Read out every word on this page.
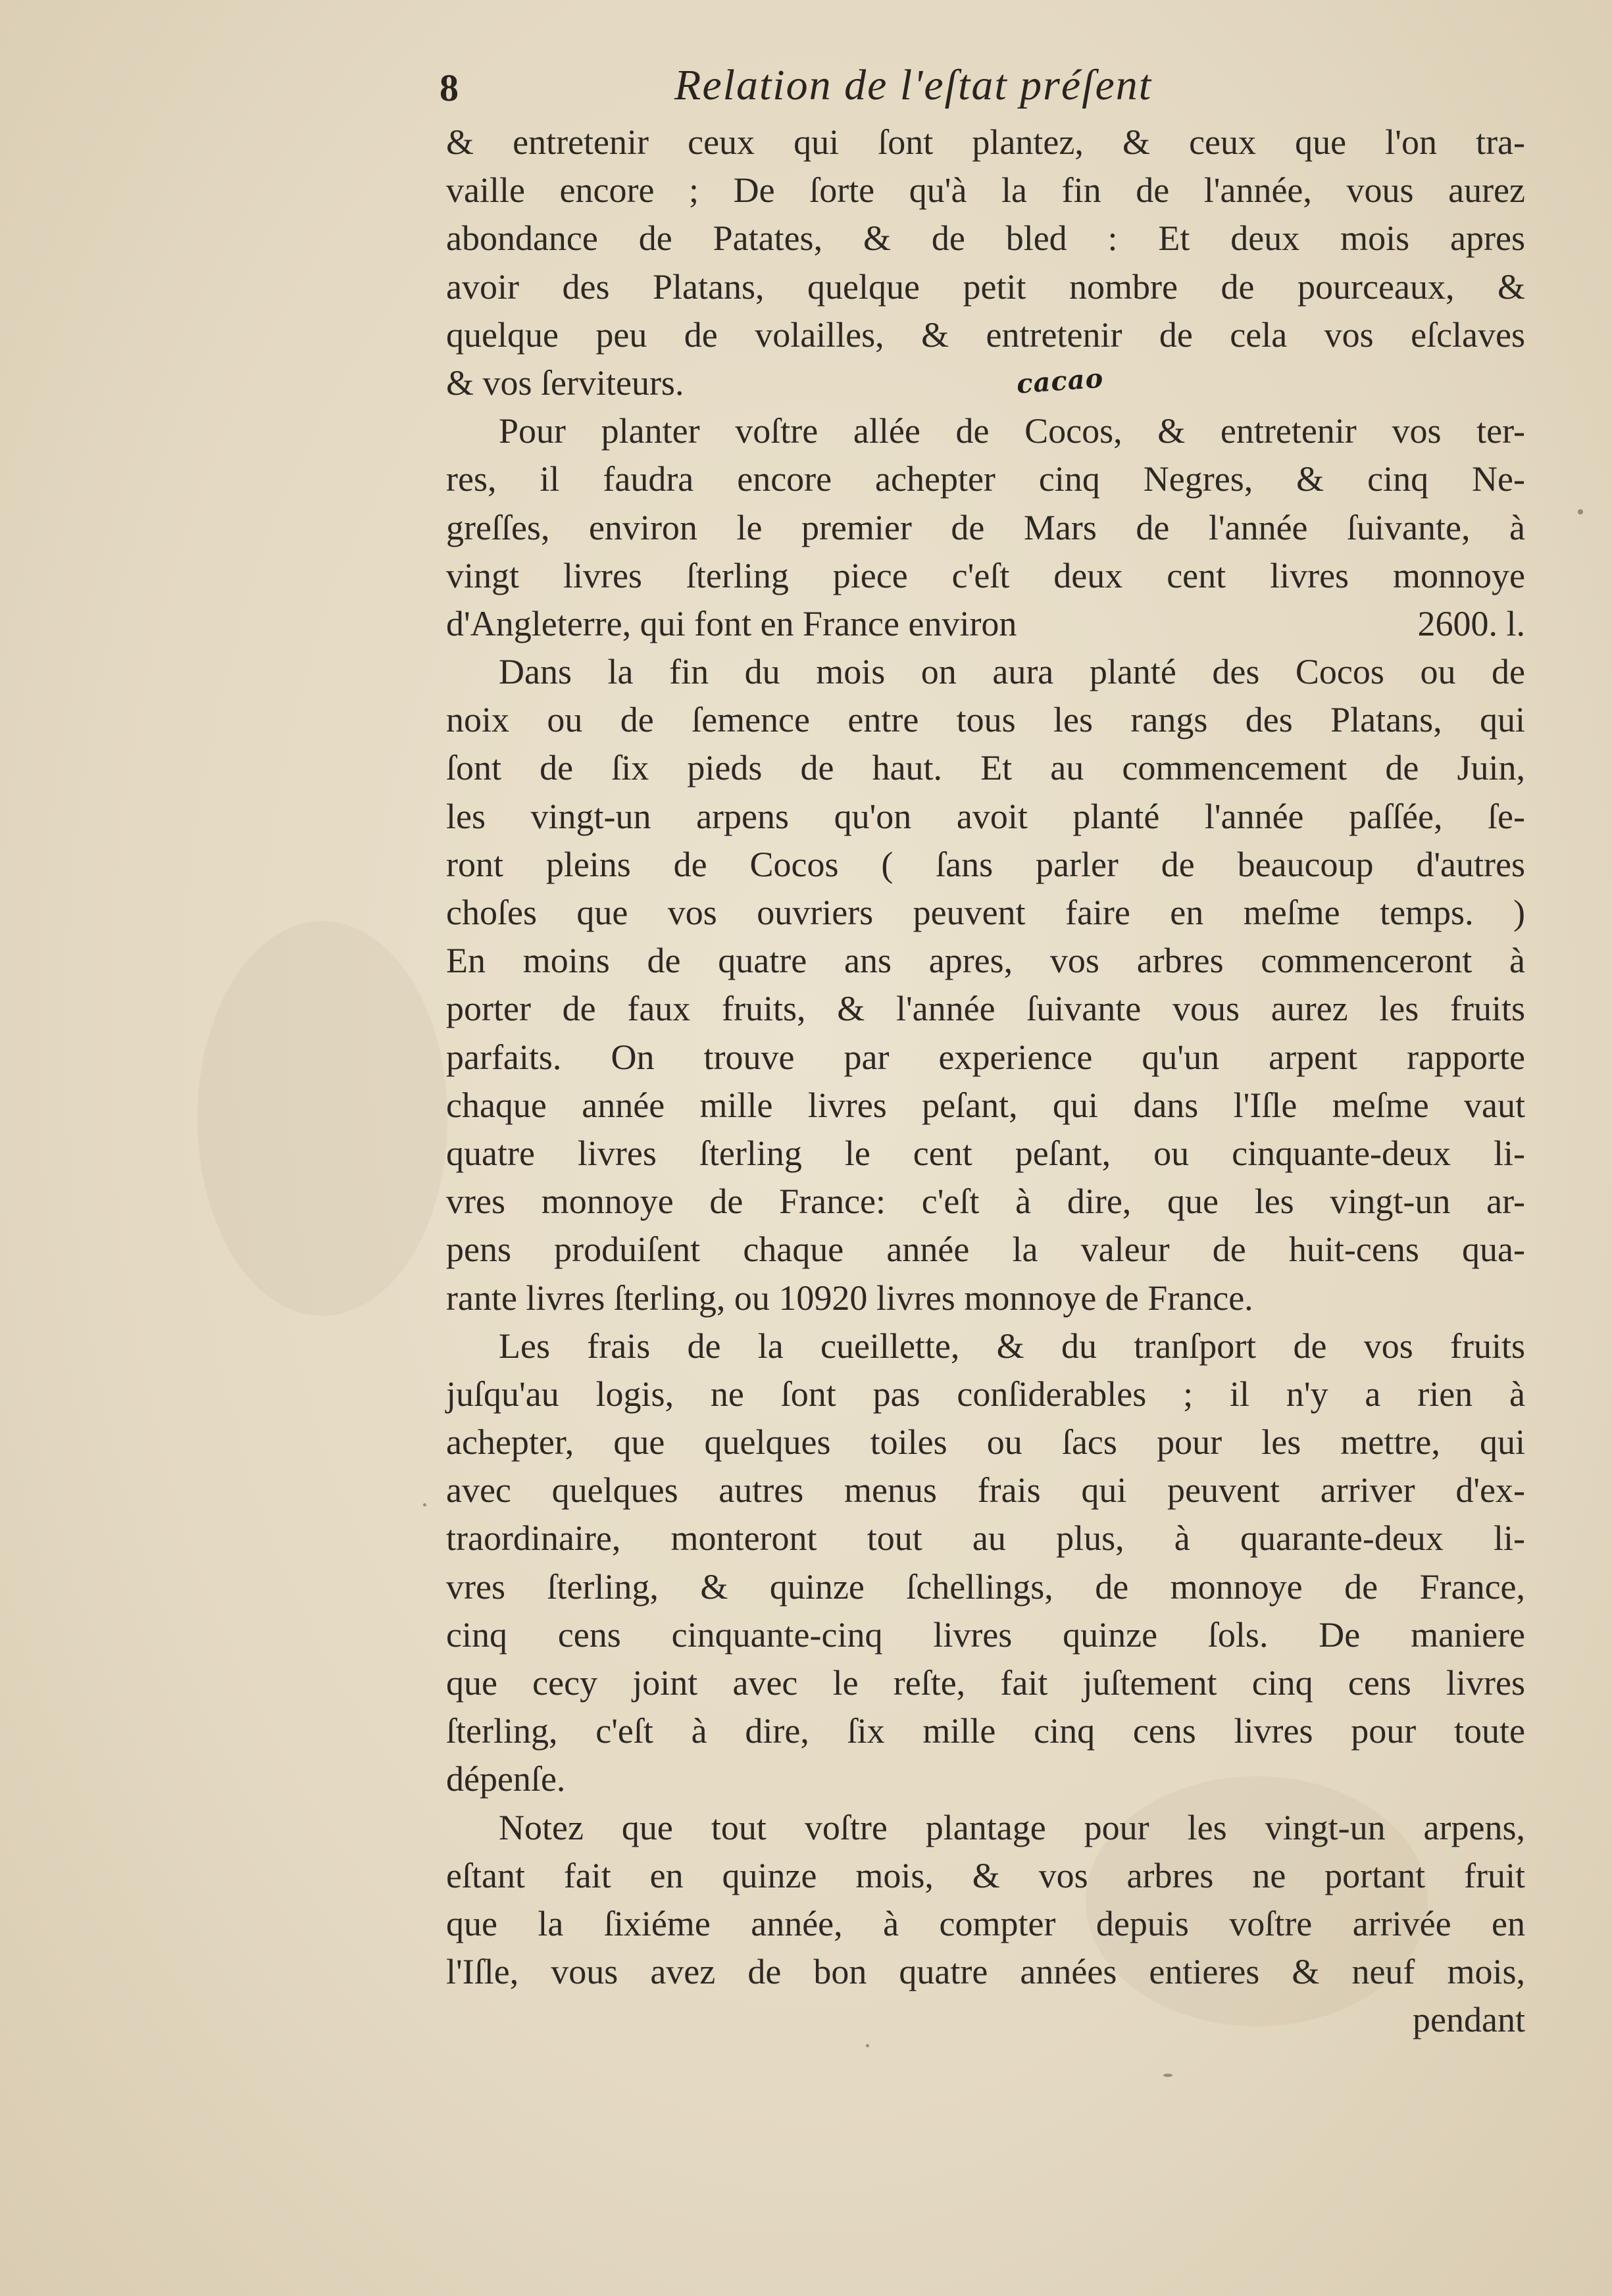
8	Relation de l'eſtat préſent
cacao
& entretenir ceux qui ſont plantez, & ceux que l'on tra-
vaille encore ; De ſorte qu'à la fin de l'année, vous aurez
abondance de Patates, & de bled : Et deux mois apres
avoir des Platans, quelque petit nombre de pourceaux, &
quelque peu de volailles, & entretenir de cela vos eſclaves
& vos ſerviteurs.
Pour planter voſtre allée de Cocos, & entretenir vos ter-
res, il faudra encore achepter cinq Negres, & cinq Ne-
greſſes, environ le premier de Mars de l'année ſuivante, à
vingt livres ſterling piece c'eſt deux cent livres monnoye
d'Angleterre, qui font en France environ	2600. l.
Dans la fin du mois on aura planté des Cocos ou de
noix ou de ſemence entre tous les rangs des Platans, qui
ſont de ſix pieds de haut. Et au commencement de Juin,
les vingt-un arpens qu'on avoit planté l'année paſſée, ſe-
ront pleins de Cocos ( ſans parler de beaucoup d'autres
choſes que vos ouvriers peuvent faire en meſme temps. )
En moins de quatre ans apres, vos arbres commenceront à
porter de faux fruits, & l'année ſuivante vous aurez les fruits
parfaits. On trouve par experience qu'un arpent rapporte
chaque année mille livres peſant, qui dans l'Iſle meſme vaut
quatre livres ſterling le cent peſant, ou cinquante-deux li-
vres monnoye de France: c'eſt à dire, que les vingt-un ar-
pens produiſent chaque année la valeur de huit-cens qua-
rante livres ſterling, ou 10920 livres monnoye de France.
Les frais de la cueillette, & du tranſport de vos fruits
juſqu'au logis, ne ſont pas conſiderables ; il n'y a rien à
achepter, que quelques toiles ou ſacs pour les mettre, qui
avec quelques autres menus frais qui peuvent arriver d'ex-
traordinaire, monteront tout au plus, à quarante-deux li-
vres ſterling, & quinze ſchellings, de monnoye de France,
cinq cens cinquante-cinq livres quinze ſols. De maniere
que cecy joint avec le reſte, fait juſtement cinq cens livres
ſterling, c'eſt à dire, ſix mille cinq cens livres pour toute
dépenſe.
Notez que tout voſtre plantage pour les vingt-un arpens,
eſtant fait en quinze mois, & vos arbres ne portant fruit
que la ſixiéme année, à compter depuis voſtre arrivée en
l'Iſle, vous avez de bon quatre années entieres & neuf mois,
pendant
